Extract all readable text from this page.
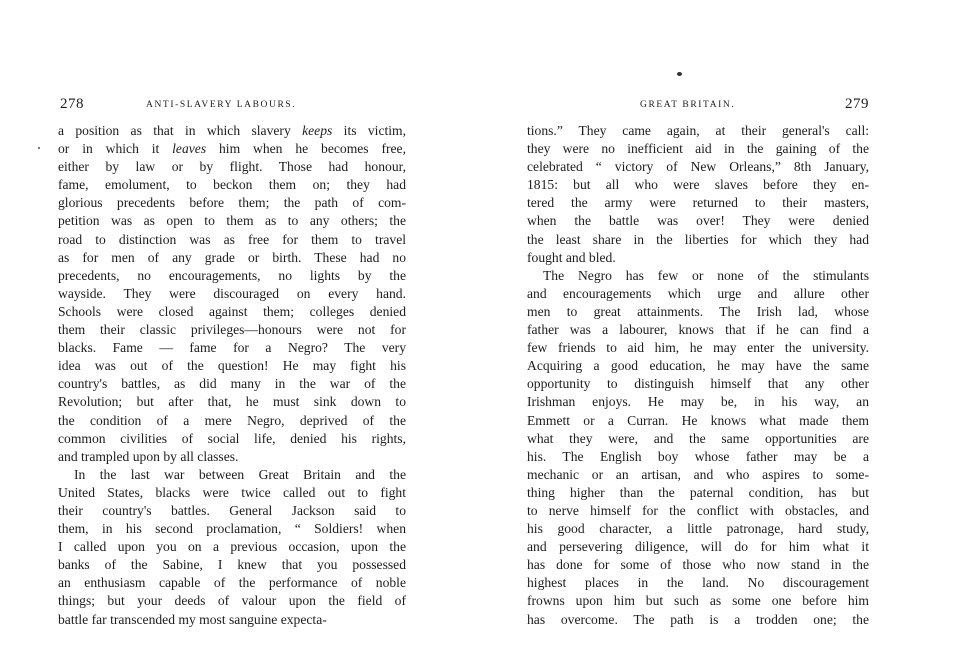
278	ANTI-SLAVERY LABOURS.
a position as that in which slavery keeps its victim,
or in which it leaves him when he becomes free,
either by law or by flight. Those had honour,
fame, emolument, to beckon them on; they had
glorious precedents before them; the path of com-
petition was as open to them as to any others; the
road to distinction was as free for them to travel
as for men of any grade or birth. These had no
precedents, no encouragements, no lights by the
wayside. They were discouraged on every hand.
Schools were closed against them; colleges denied
them their classic privileges—honours were not for
blacks. Fame — fame for a Negro? The very
idea was out of the question! He may fight his
country's battles, as did many in the war of the
Revolution; but after that, he must sink down to
the condition of a mere Negro, deprived of the
common civilities of social life, denied his rights,
and trampled upon by all classes.
In the last war between Great Britain and the
United States, blacks were twice called out to fight
their country's battles. General Jackson said to
them, in his second proclamation, “ Soldiers! when
I called upon you on a previous occasion, upon the
banks of the Sabine, I knew that you possessed
an enthusiasm capable of the performance of noble
things; but your deeds of valour upon the field of
battle far transcended my most sanguine expecta-
GREAT BRITAIN.	279
tions.” They came again, at their general's call:
they were no inefficient aid in the gaining of the
celebrated “ victory of New Orleans,” 8th January,
1815: but all who were slaves before they en-
tered the army were returned to their masters,
when the battle was over! They were denied
the least share in the liberties for which they had
fought and bled.
The Negro has few or none of the stimulants
and encouragements which urge and allure other
men to great attainments. The Irish lad, whose
father was a labourer, knows that if he can find a
few friends to aid him, he may enter the university.
Acquiring a good education, he may have the same
opportunity to distinguish himself that any other
Irishman enjoys. He may be, in his way, an
Emmett or a Curran. He knows what made them
what they were, and the same opportunities are
his. The English boy whose father may be a
mechanic or an artisan, and who aspires to some-
thing higher than the paternal condition, has but
to nerve himself for the conflict with obstacles, and
his good character, a little patronage, hard study,
and persevering diligence, will do for him what it
has done for some of those who now stand in the
highest places in the land. No discouragement
frowns upon him but such as some one before him
has overcome. The path is a trodden one; the
